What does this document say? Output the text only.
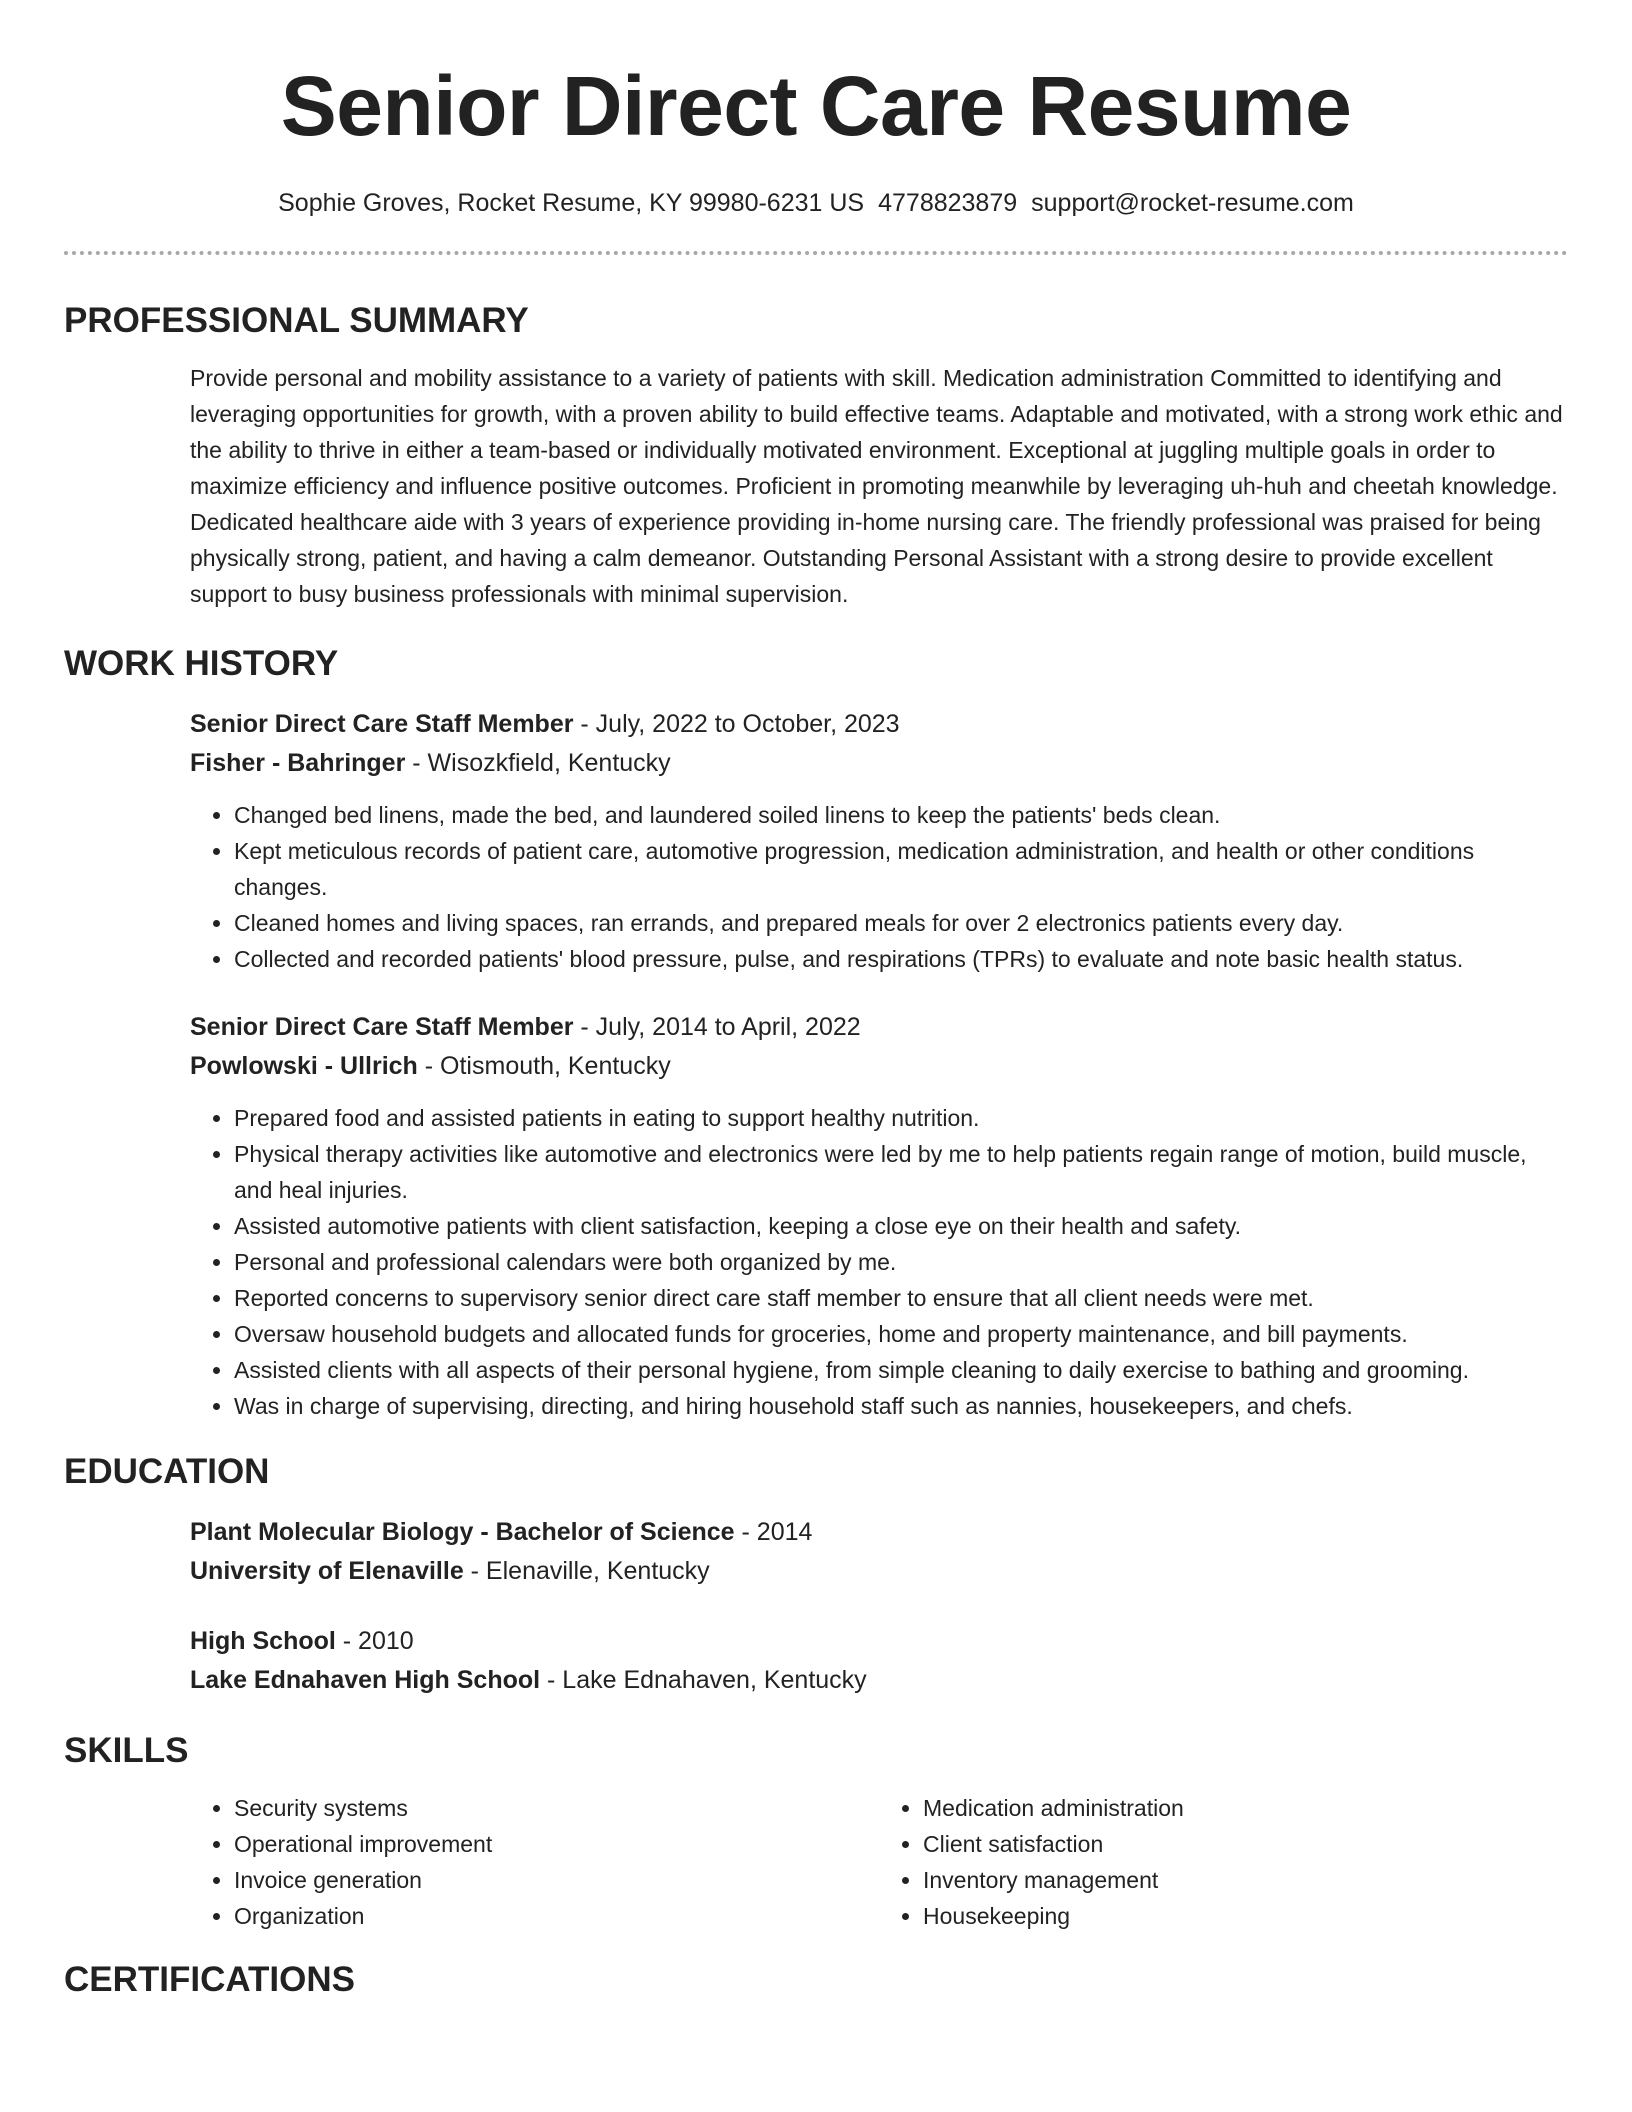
Senior Direct Care Resume
Sophie Groves, Rocket Resume, KY 99980-6231 US 4778823879 support@rocket-resume.com
PROFESSIONAL SUMMARY

Provide personal and mobility assistance to a variety of patients with skill. Medication administration Committed to identifying and leveraging opportunities for growth, with a proven ability to build effective teams. Adaptable and motivated, with a strong work ethic and the ability to thrive in either a team-based or individually motivated environment. Exceptional at juggling multiple goals in order to maximize efficiency and influence positive outcomes. Proficient in promoting meanwhile by leveraging uh-huh and cheetah knowledge. Dedicated healthcare aide with 3 years of experience providing in-home nursing care. The friendly professional was praised for being physically strong, patient, and having a calm demeanor. Outstanding Personal Assistant with a strong desire to provide excellent support to busy business professionals with minimal supervision.

WORK HISTORY

Senior Direct Care Staff Member - July, 2022 to October, 2023

Fisher - Bahringer - Wisozkfield, Kentucky

• Changed bed linens, made the bed, and laundered soiled linens to keep the patients' beds clean.
• Kept meticulous records of patient care, automotive progression, medication administration, and health or other conditions changes.
• Cleaned homes and living spaces, ran errands, and prepared meals for over 2 electronics patients every day.
• Collected and recorded patients' blood pressure, pulse, and respirations (TPRs) to evaluate and note basic health status.

Senior Direct Care Staff Member - July, 2014 to April, 2022

Powlowski - Ullrich - Otismouth, Kentucky

• Prepared food and assisted patients in eating to support healthy nutrition.
• Physical therapy activities like automotive and electronics were led by me to help patients regain range of motion, build muscle, and heal injuries.
• Assisted automotive patients with client satisfaction, keeping a close eye on their health and safety.
• Personal and professional calendars were both organized by me.
• Reported concerns to supervisory senior direct care staff member to ensure that all client needs were met.
• Oversaw household budgets and allocated funds for groceries, home and property maintenance, and bill payments.
• Assisted clients with all aspects of their personal hygiene, from simple cleaning to daily exercise to bathing and grooming.
• Was in charge of supervising, directing, and hiring household staff such as nannies, housekeepers, and chefs.
EDUCATION

Plant Molecular Biology - Bachelor of Science - 2014

University of Elenaville - Elenaville, Kentucky

High School - 2010

Lake Ednahaven High School - Lake Ednahaven, Kentucky

SKILLS
• Security systems
• Operational improvement
• Invoice generation
• Organization
• Medication administration
• Client satisfaction
• Inventory management
• Housekeeping
CERTIFICATIONS
